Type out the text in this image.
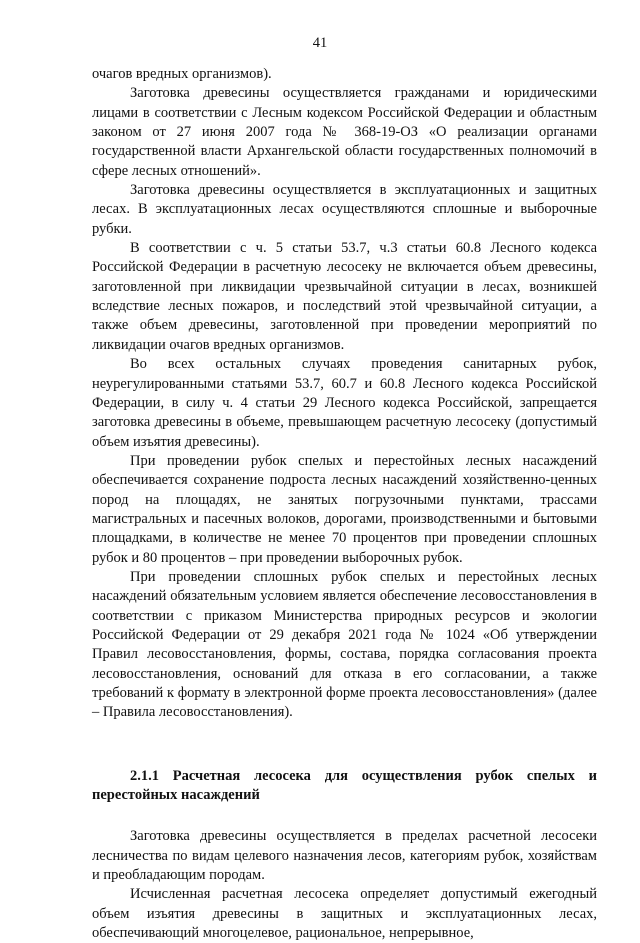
41

очагов вредных организмов).

Заготовка древесины осуществляется гражданами и юридическими лицами в соответствии с Лесным кодексом Российской Федерации и областным законом от 27 июня 2007 года № 368-19-ОЗ «О реализации органами государственной власти Архангельской области государственных полномочий в сфере лесных отношений».

Заготовка древесины осуществляется в эксплуатационных и защитных лесах. В эксплуатационных лесах осуществляются сплошные и выборочные рубки.

В соответствии с ч. 5 статьи 53.7, ч.3 статьи 60.8 Лесного кодекса Российской Федерации в расчетную лесосеку не включается объем древесины, заготовленной при ликвидации чрезвычайной ситуации в лесах, возникшей вследствие лесных пожаров, и последствий этой чрезвычайной ситуации, а также объем древесины, заготовленной при проведении мероприятий по ликвидации очагов вредных организмов.

Во всех остальных случаях проведения санитарных рубок, неурегулированными статьями 53.7, 60.7 и 60.8 Лесного кодекса Российской Федерации, в силу ч. 4 статьи 29 Лесного кодекса Российской, запрещается заготовка древесины в объеме, превышающем расчетную лесосеку (допустимый объем изъятия древесины).

При проведении рубок спелых и перестойных лесных насаждений обеспечивается сохранение подроста лесных насаждений хозяйственно-ценных пород на площадях, не занятых погрузочными пунктами, трассами магистральных и пасечных волоков, дорогами, производственными и бытовыми площадками, в количестве не менее 70 процентов при проведении сплошных рубок и 80 процентов – при проведении выборочных рубок.

При проведении сплошных рубок спелых и перестойных лесных насаждений обязательным условием является обеспечение лесовосстановления в соответствии с приказом Министерства природных ресурсов и экологии Российской Федерации от 29 декабря 2021 года № 1024 «Об утверждении Правил лесовосстановления, формы, состава, порядка согласования проекта лесовосстановления, оснований для отказа в его согласовании, а также требований к формату в электронной форме проекта лесовосстановления» (далее – Правила лесовосстановления).

2.1.1 Расчетная лесосека для осуществления рубок спелых и перестойных насаждений

Заготовка древесины осуществляется в пределах расчетной лесосеки лесничества по видам целевого назначения лесов, категориям рубок, хозяйствам и преобладающим породам.

Исчисленная расчетная лесосека определяет допустимый ежегодный объем изъятия древесины в защитных и эксплуатационных лесах, обеспечивающий многоцелевое, рациональное, непрерывное,
